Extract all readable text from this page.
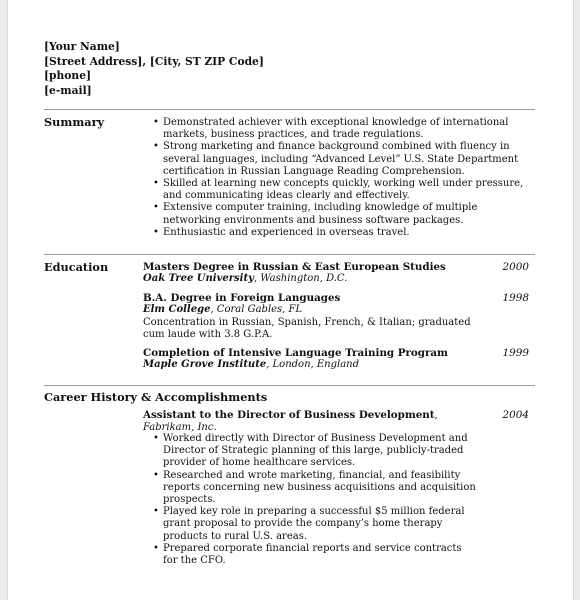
[Your Name]
[Street Address], [City, ST ZIP Code]
[phone]
[e-mail]
Summary	• Demonstrated achiever with exceptional knowledge of international markets, business practices, and trade regulations.
• Strong marketing and finance background combined with fluency in several languages, including “Advanced Level” U.S. State Department certification in Russian Language Reading Comprehension.
• Skilled at learning new concepts quickly, working well under pressure, and communicating ideas clearly and effectively.
• Extensive computer training, including knowledge of multiple networking environments and business software packages.
• Enthusiastic and experienced in overseas travel.
Education	Masters Degree in Russian & East European Studies	2000
Oak Tree University, Washington, D.C.
B.A. Degree in Foreign Languages	1998
Elm College, Coral Gables, FL
Concentration in Russian, Spanish, French, & Italian; graduated cum laude with 3.8 G.P.A.
Completion of Intensive Language Training Program	1999
Maple Grove Institute, London, England
Career History & Accomplishments
Assistant to the Director of Business Development,	2004
Fabrikam, Inc.
• Worked directly with Director of Business Development and Director of Strategic planning of this large, publicly-traded provider of home healthcare services.
• Researched and wrote marketing, financial, and feasibility reports concerning new business acquisitions and acquisition prospects.
• Played key role in preparing a successful $5 million federal grant proposal to provide the company’s home therapy products to rural U.S. areas.
• Prepared corporate financial reports and service contracts for the CFO.
